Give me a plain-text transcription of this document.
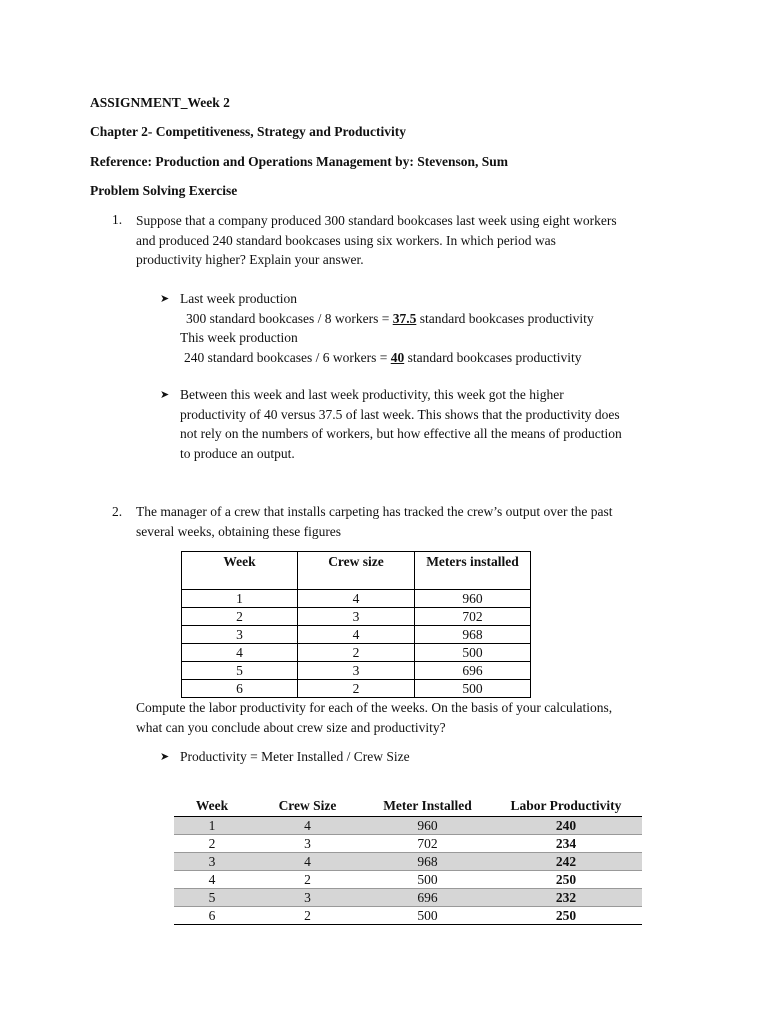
ASSIGNMENT_Week 2
Chapter 2- Competitiveness, Strategy and Productivity
Reference: Production and Operations Management by: Stevenson, Sum
Problem Solving Exercise
1. Suppose that a company produced 300 standard bookcases last week using eight workers
and produced 240 standard bookcases using six workers. In which period was
productivity higher? Explain your answer.
➤ Last week production
300 standard bookcases / 8 workers = 37.5 standard bookcases productivity
This week production
240 standard bookcases / 6 workers = 40 standard bookcases productivity
➤ Between this week and last week productivity, this week got the higher
productivity of 40 versus 37.5 of last week. This shows that the productivity does
not rely on the numbers of workers, but how effective all the means of production
to produce an output.
2. The manager of a crew that installs carpeting has tracked the crew’s output over the past
several weeks, obtaining these figures
Week	Crew size	Meters installed
1	4	960
2	3	702
3	4	968
4	2	500
5	3	696
6	2	500
Compute the labor productivity for each of the weeks. On the basis of your calculations,
what can you conclude about crew size and productivity?
➤ Productivity = Meter Installed / Crew Size
Week	Crew Size	Meter Installed	Labor Productivity
1	4	960	240
2	3	702	234
3	4	968	242
4	2	500	250
5	3	696	232
6	2	500	250
